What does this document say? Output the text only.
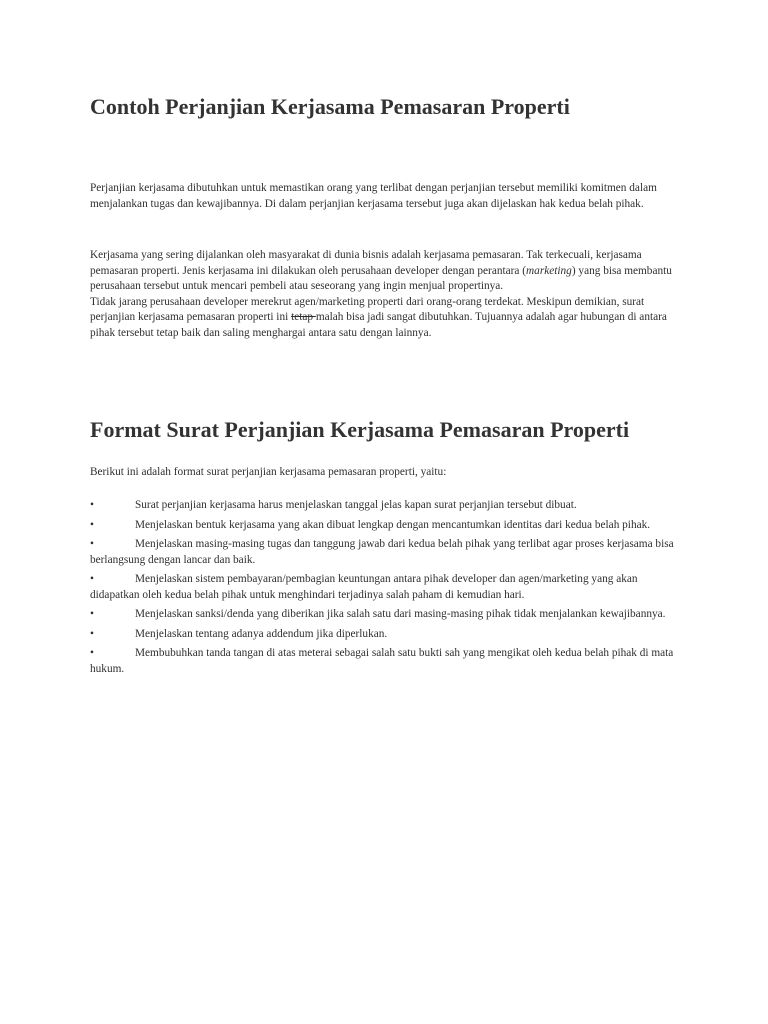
Contoh Perjanjian Kerjasama Pemasaran Properti

Perjanjian kerjasama dibutuhkan untuk memastikan orang yang terlibat dengan perjanjian tersebut memiliki komitmen dalam menjalankan tugas dan kewajibannya. Di dalam perjanjian kerjasama tersebut juga akan dijelaskan hak kedua belah pihak.

Kerjasama yang sering dijalankan oleh masyarakat di dunia bisnis adalah kerjasama pemasaran. Tak terkecuali, kerjasama pemasaran properti. Jenis kerjasama ini dilakukan oleh perusahaan developer dengan perantara (marketing) yang bisa membantu perusahaan tersebut untuk mencari pembeli atau seseorang yang ingin menjual propertinya.
Tidak jarang perusahaan developer merekrut agen/marketing properti dari orang-orang terdekat. Meskipun demikian, surat perjanjian kerjasama pemasaran properti ini tetap malah bisa jadi sangat dibutuhkan. Tujuannya adalah agar hubungan di antara pihak tersebut tetap baik dan saling menghargai antara satu dengan lainnya.

Format Surat Perjanjian Kerjasama Pemasaran Properti

Berikut ini adalah format surat perjanjian kerjasama pemasaran properti, yaitu:

•	Surat perjanjian kerjasama harus menjelaskan tanggal jelas kapan surat perjanjian tersebut dibuat.
•	Menjelaskan bentuk kerjasama yang akan dibuat lengkap dengan mencantumkan identitas dari kedua belah pihak.
•	Menjelaskan masing-masing tugas dan tanggung jawab dari kedua belah pihak yang terlibat agar proses kerjasama bisa berlangsung dengan lancar dan baik.
•	Menjelaskan sistem pembayaran/pembagian keuntungan antara pihak developer dan agen/marketing yang akan didapatkan oleh kedua belah pihak untuk menghindari terjadinya salah paham di kemudian hari.
•	Menjelaskan sanksi/denda yang diberikan jika salah satu dari masing-masing pihak tidak menjalankan kewajibannya.
•	Menjelaskan tentang adanya addendum jika diperlukan.
•	Membubuhkan tanda tangan di atas meterai sebagai salah satu bukti sah yang mengikat oleh kedua belah pihak di mata hukum.
